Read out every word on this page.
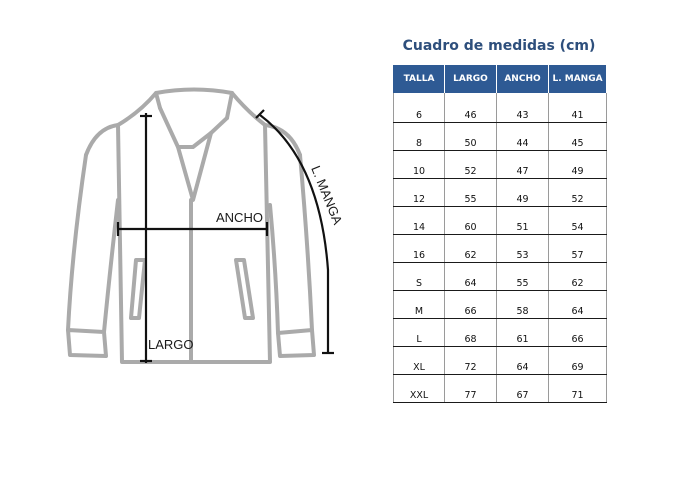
ANCHO
LARGO
L. MANGA
Cuadro de medidas (cm)
TALLA	LARGO	ANCHO	L. MANGA
6	46	43	41
8	50	44	45
10	52	47	49
12	55	49	52
14	60	51	54
16	62	53	57
S	64	55	62
M	66	58	64
L	68	61	66
XL	72	64	69
XXL	77	67	71
